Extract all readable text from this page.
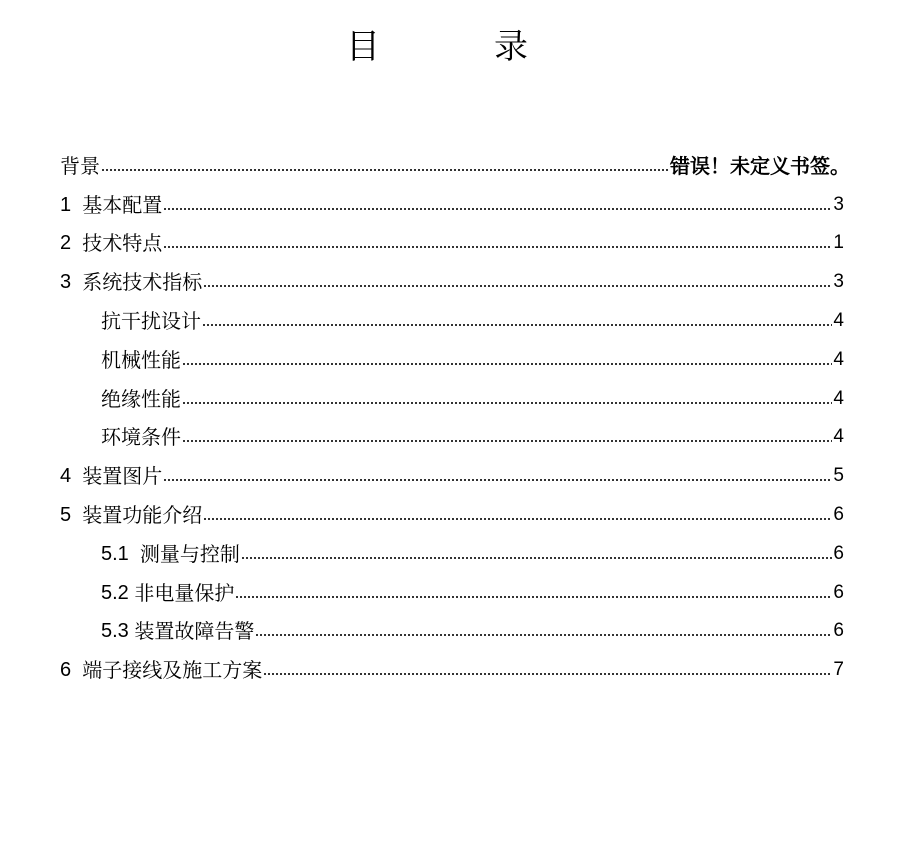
目　录
背景	错误！未定义书签。
1 基本配置	3
2 技术特点	1
3 系统技术指标	3
抗干扰设计	4
机械性能	4
绝缘性能	4
环境条件	4
4 装置图片	5
5 装置功能介绍	6
5.1 测量与控制	6
5.2 非电量保护	6
5.3 装置故障告警	6
6 端子接线及施工方案	7
